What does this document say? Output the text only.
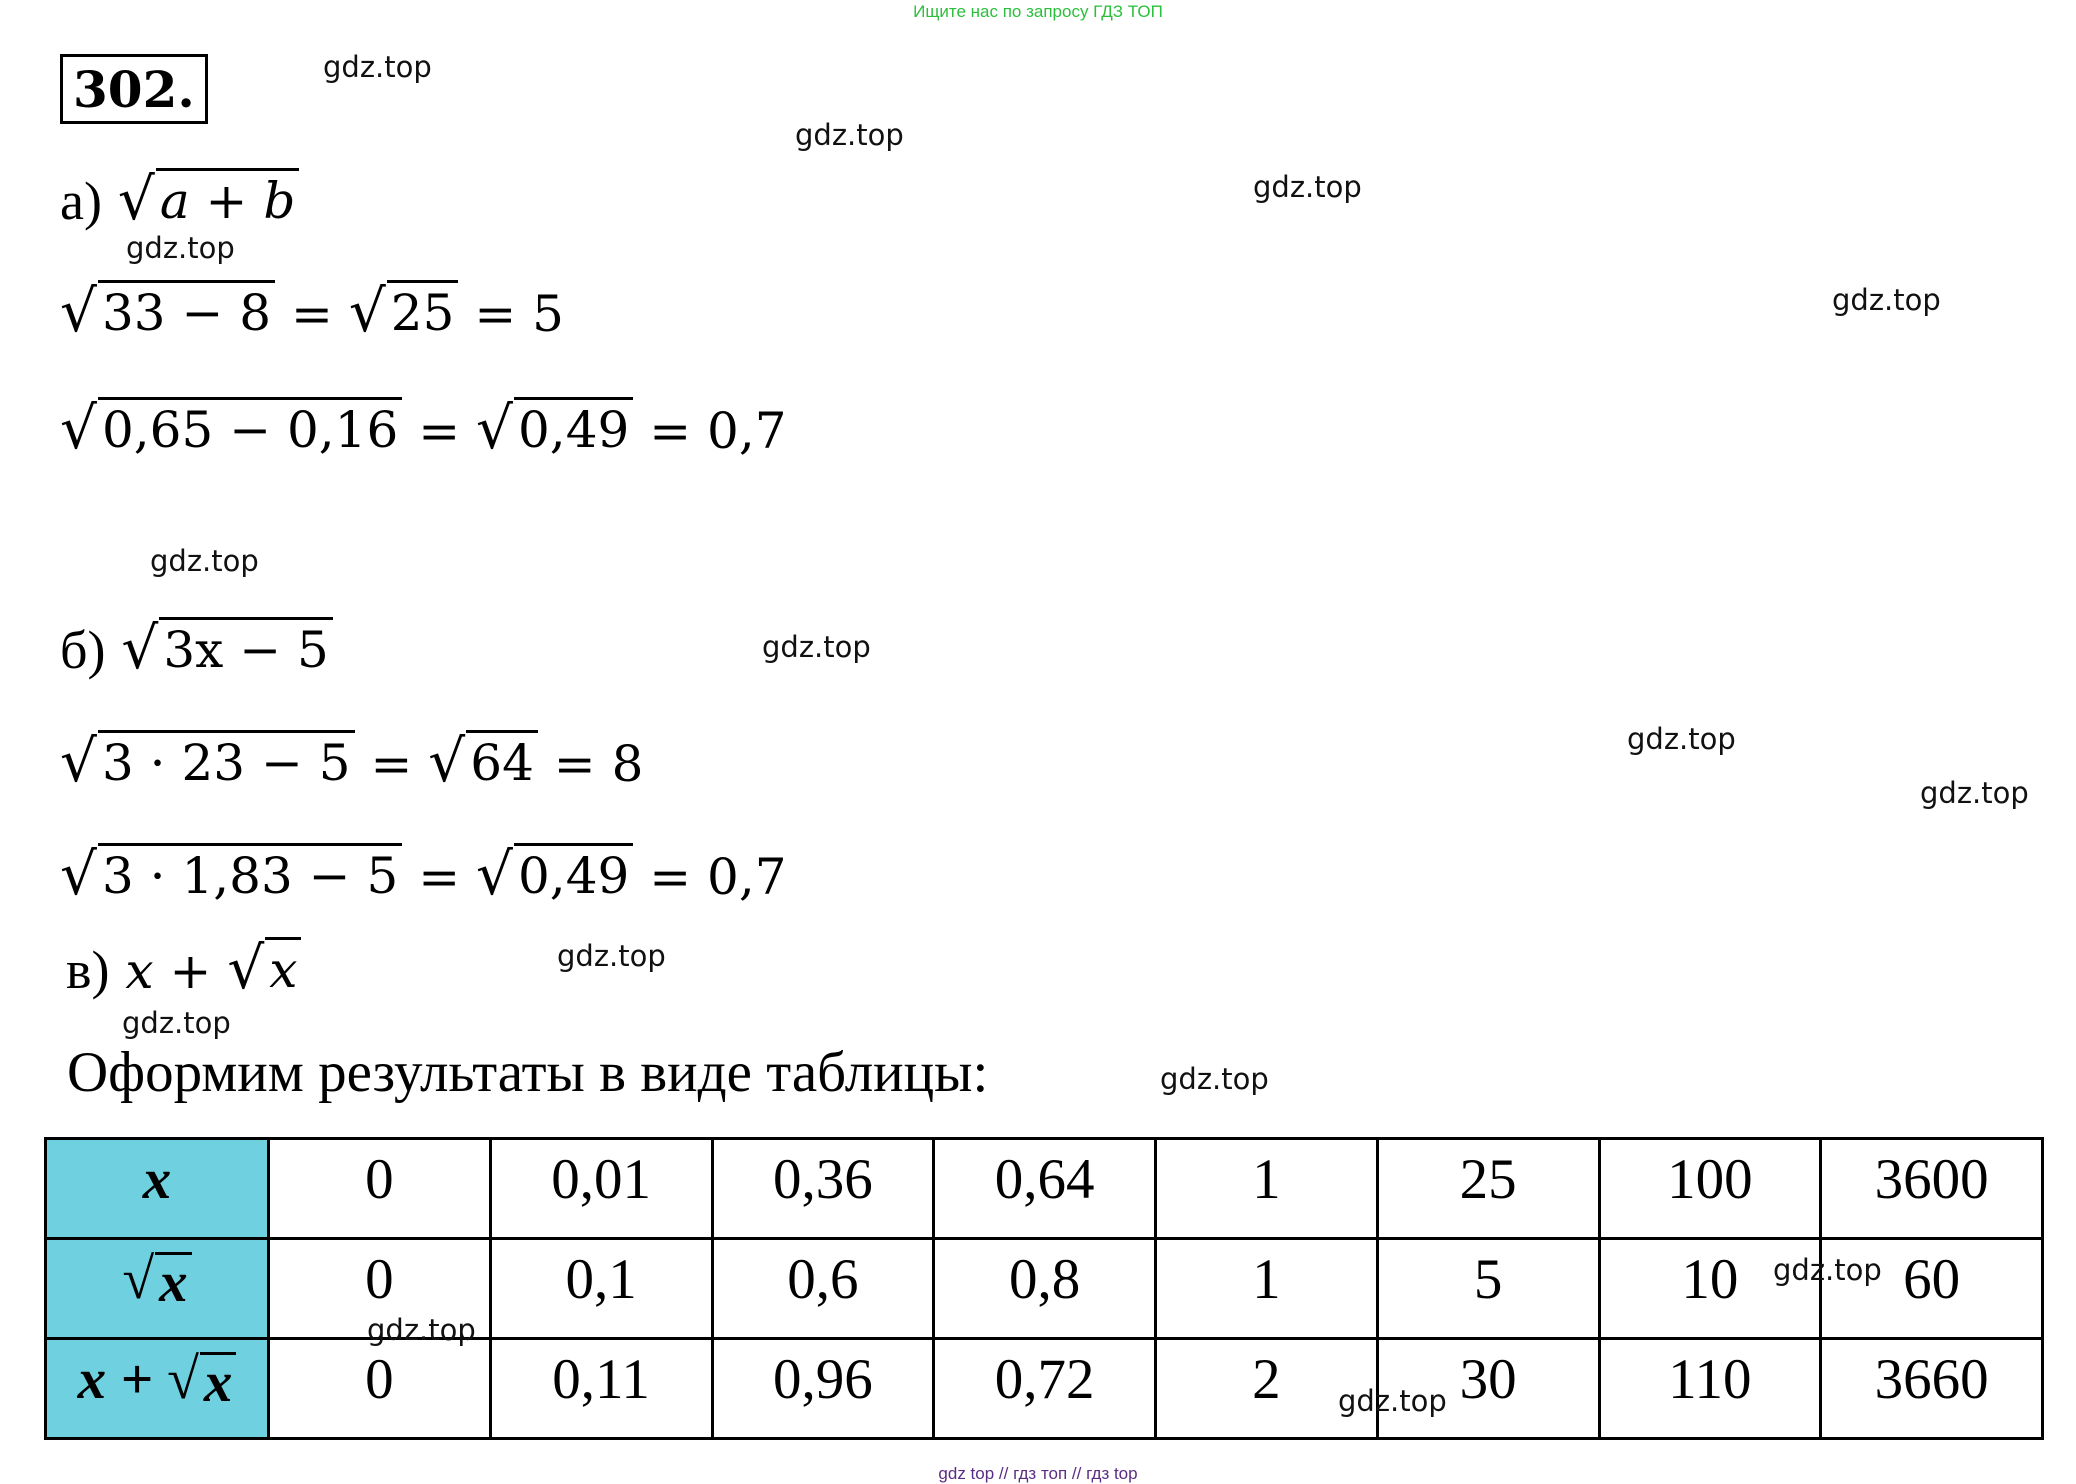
Ищите нас по запросу ГДЗ ТОП
302.	gdz.top
gdz.top
gdz.top
gdz.top
gdz.top
gdz.top
gdz.top
gdz.top
gdz.top
gdz.top
gdz.top
gdz.top
а) √ a + b
√ 33 − 8 = √ 25 = 5
√ 0,65 − 0,16 = √ 0,49 = 0,7
б) √ 3x − 5
√ 3 · 23 − 5 = √ 64 = 8
√ 3 · 1,83 − 5 = √ 0,49 = 0,7
в) x + √ x
Оформим результаты в виде таблицы:
x	0	0,01	0,36	0,64	1	25	100	3600

√ x	0	0,1	0,6	0,8	1	5	10	60
x + √ x	0	0,11	0,96	0,72	2	30	110	3660
gdz.top
gdz.top
gdz.top
gdz top // гдз топ // гдз top
